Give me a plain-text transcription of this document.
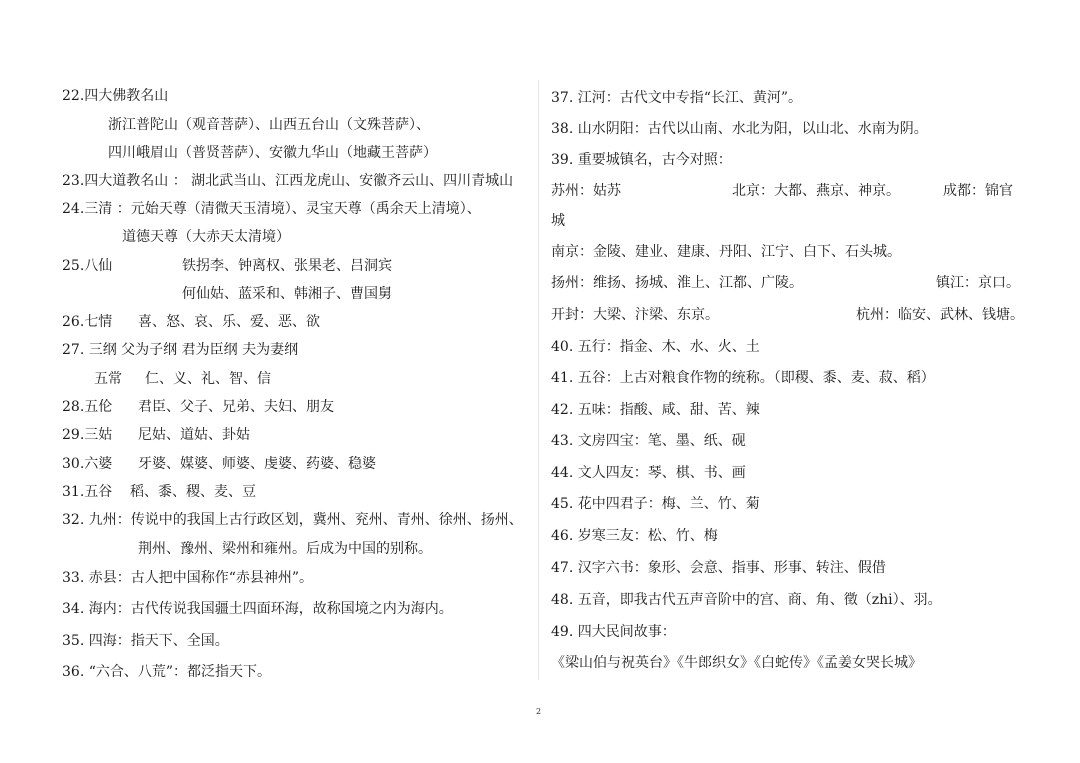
22.四大佛教名山
浙江普陀山（观音菩萨）、山西五台山（文殊菩萨）、
四川峨眉山（普贤菩萨）、安徽九华山（地藏王菩萨）
23.四大道教名山 ： 湖北武当山、江西龙虎山、安徽齐云山、四川青城山
24.三清 ：元始天尊（清微天玉清境）、灵宝天尊（禹余天上清境）、
道德天尊（大赤天太清境）
25.八仙	铁拐李、钟离权、张果老、吕洞宾
何仙姑、蓝采和、韩湘子、曹国舅
26.七情 喜、怒、哀、乐、爱、恶、欲
27. 三纲 父为子纲 君为臣纲 夫为妻纲
五常 仁、义、礼、智、信
28.五伦 君臣、父子、兄弟、夫妇、朋友
29.三姑 尼姑、道姑、卦姑
30.六婆 牙婆、媒婆、师婆、虔婆、药婆、稳婆
31.五谷 稻、黍、稷、麦、豆
32. 九州：传说中的我国上古行政区划，冀州、兖州、青州、徐州、扬州、
荆州、豫州、梁州和雍州。后成为中国的别称。
33. 赤县：古人把中国称作“赤县神州”。
34. 海内：古代传说我国疆土四面环海，故称国境之内为海内。
35. 四海：指天下、全国。
36. “六合、八荒”：都泛指天下。
37. 江河：古代文中专指“长江、黄河”。
38. 山水阴阳：古代以山南、水北为阳，以山北、水南为阴。
39. 重要城镇名，古今对照：
苏州：姑苏	北京：大都、燕京、神京。	成都：锦官
城
南京：金陵、建业、建康、丹阳、江宁、白下、石头城。
扬州：维扬、扬城、淮上、江都、广陵。	镇江：京口。
开封：大梁、汴梁、东京。	杭州：临安、武林、钱塘。
40. 五行：指金、木、水、火、土
41. 五谷：上古对粮食作物的统称。（即稷、黍、麦、菽、稻）
42. 五味：指酸、咸、甜、苦、辣
43. 文房四宝：笔、墨、纸、砚
44. 文人四友：琴、棋、书、画
45. 花中四君子：梅、兰、竹、菊
46. 岁寒三友：松、竹、梅
47. 汉字六书：象形、会意、指事、形事、转注、假借
48. 五音，即我古代五声音阶中的宫、商、角、徵（zhi）、羽。
49. 四大民间故事：
《梁山伯与祝英台》《牛郎织女》《白蛇传》《孟姜女哭长城》
2
